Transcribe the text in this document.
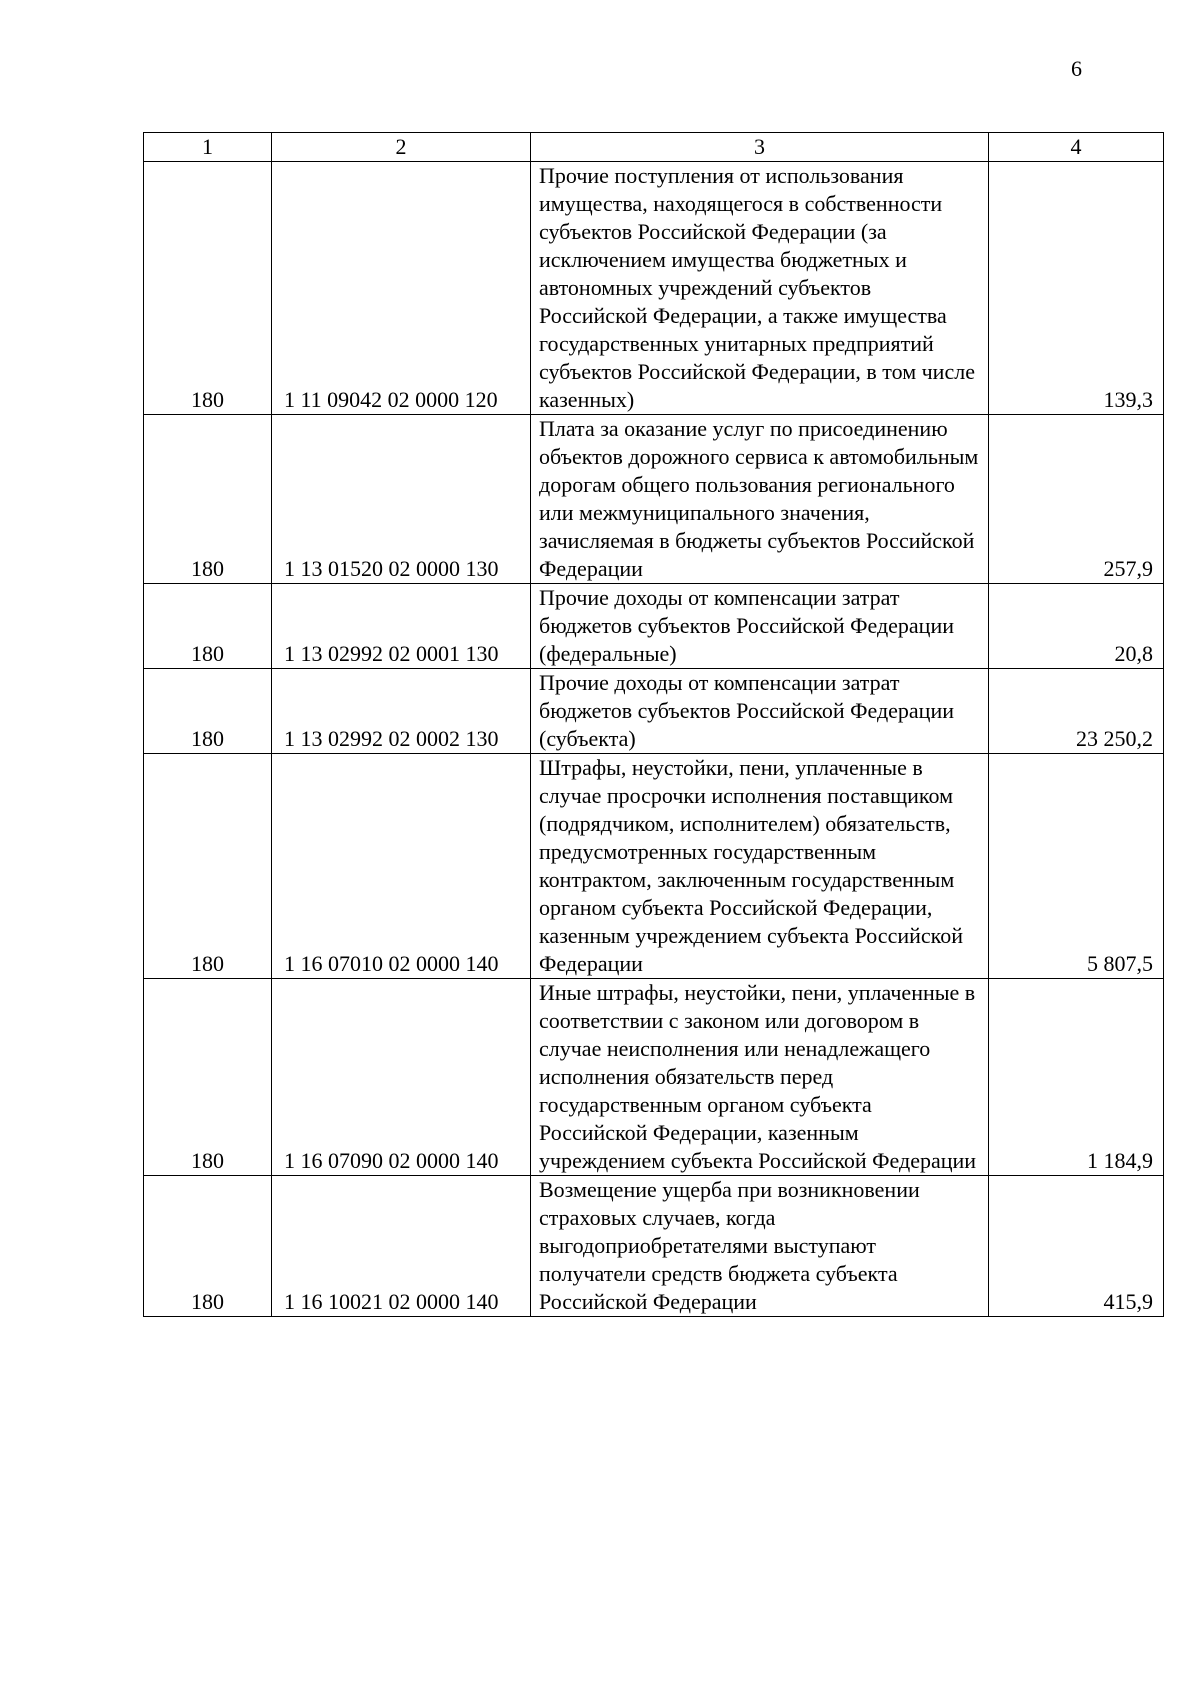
6
1	2	3	4
180	1 11 09042 02 0000 120	Прочие поступления от использования имущества, находящегося в собственности субъектов Российской Федерации (за исключением имущества бюджетных и автономных учреждений субъектов Российской Федерации, а также имущества государственных унитарных предприятий субъектов Российской Федерации, в том числе казенных)	139,3
180	1 13 01520 02 0000 130	Плата за оказание услуг по присоединению объектов дорожного сервиса к автомобильным дорогам общего пользования регионального или межмуниципального значения, зачисляемая в бюджеты субъектов Российской Федерации	257,9
180	1 13 02992 02 0001 130	Прочие доходы от компенсации затрат бюджетов субъектов Российской Федерации (федеральные)	20,8
180	1 13 02992 02 0002 130	Прочие доходы от компенсации затрат бюджетов субъектов Российской Федерации (субъекта)	23 250,2
180	1 16 07010 02 0000 140	Штрафы, неустойки, пени, уплаченные в случае просрочки исполнения поставщиком (подрядчиком, исполнителем) обязательств, предусмотренных государственным контрактом, заключенным государственным органом субъекта Российской Федерации, казенным учреждением субъекта Российской Федерации	5 807,5
180	1 16 07090 02 0000 140	Иные штрафы, неустойки, пени, уплаченные в соответствии с законом или договором в случае неисполнения или ненадлежащего исполнения обязательств перед государственным органом субъекта Российской Федерации, казенным учреждением субъекта Российской Федерации	1 184,9
180	1 16 10021 02 0000 140	Возмещение ущерба при возникновении страховых случаев, когда выгодоприобретателями выступают получатели средств бюджета субъекта Российской Федерации	415,9
